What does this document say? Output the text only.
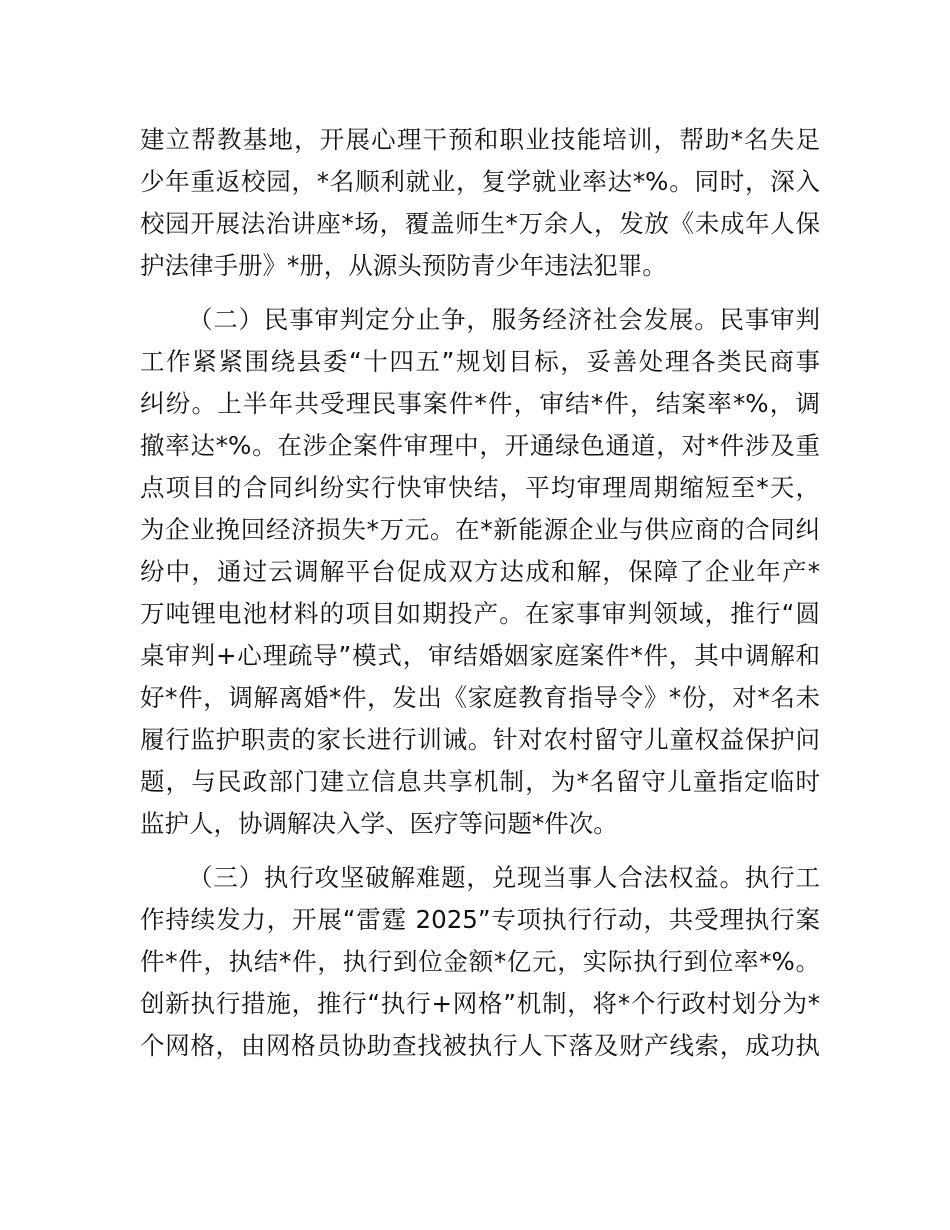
建立帮教基地，开展心理干预和职业技能培训，帮助*名失足
少年重返校园，*名顺利就业，复学就业率达*%。同时，深入
校园开展法治讲座*场，覆盖师生*万余人，发放《未成年人保
护法律手册》*册，从源头预防青少年违法犯罪。
（二）民事审判定分止争，服务经济社会发展。民事审判
工作紧紧围绕县委“十四五”规划目标，妥善处理各类民商事
纠纷。上半年共受理民事案件*件，审结*件，结案率*%，调
撤率达*%。在涉企案件审理中，开通绿色通道，对*件涉及重
点项目的合同纠纷实行快审快结，平均审理周期缩短至*天，
为企业挽回经济损失*万元。在*新能源企业与供应商的合同纠
纷中，通过云调解平台促成双方达成和解，保障了企业年产*
万吨锂电池材料的项目如期投产。在家事审判领域，推行“圆
桌审判+心理疏导”模式，审结婚姻家庭案件*件，其中调解和
好*件，调解离婚*件，发出《家庭教育指导令》*份，对*名未
履行监护职责的家长进行训诫。针对农村留守儿童权益保护问
题，与民政部门建立信息共享机制，为*名留守儿童指定临时
监护人，协调解决入学、医疗等问题*件次。
（三）执行攻坚破解难题，兑现当事人合法权益。执行工
作持续发力，开展“雷霆 2025”专项执行行动，共受理执行案
件*件，执结*件，执行到位金额*亿元，实际执行到位率*%。
创新执行措施，推行“执行+网格”机制，将*个行政村划分为*
个网格，由网格员协助查找被执行人下落及财产线索，成功执
